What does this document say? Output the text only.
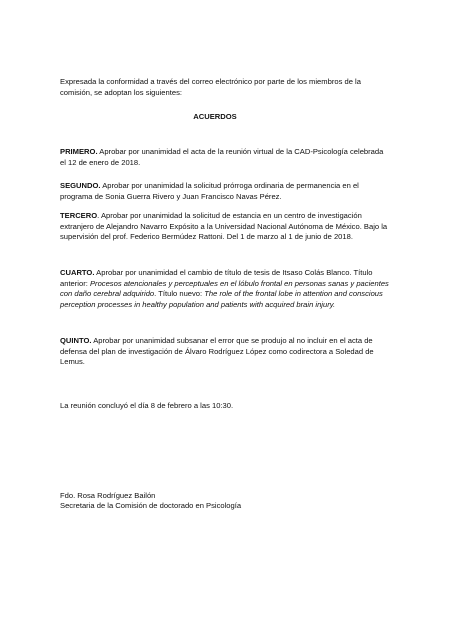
Expresada la conformidad a través del correo electrónico por parte de los miembros de la comisión, se adoptan los siguientes:
ACUERDOS
PRIMERO. Aprobar por unanimidad el acta de la reunión virtual de la CAD-Psicología celebrada el 12 de enero de 2018.
SEGUNDO. Aprobar por unanimidad la solicitud prórroga ordinaria de permanencia en el programa de Sonia Guerra Rivero y Juan Francisco Navas Pérez.
TERCERO. Aprobar por unanimidad la solicitud de estancia en un centro de investigación extranjero de Alejandro Navarro Expósito a la Universidad Nacional Autónoma de México. Bajo la supervisión del prof. Federico Bermúdez Rattoni. Del 1 de marzo al 1 de junio de 2018.
CUARTO. Aprobar por unanimidad el cambio de título de tesis de Itsaso Colás Blanco. Título anterior: Procesos atencionales y perceptuales en el lóbulo frontal en personas sanas y pacientes con daño cerebral adquirido. Título nuevo: The role of the frontal lobe in attention and conscious perception processes in healthy population and patients with acquired brain injury.
QUINTO. Aprobar por unanimidad subsanar el error que se produjo al no incluir en el acta de defensa del plan de investigación de Álvaro Rodríguez López como codirectora a Soledad de Lemus.
La reunión concluyó el día 8 de febrero a las 10:30.
Fdo. Rosa Rodríguez Bailón
Secretaria de la Comisión de doctorado en Psicología
